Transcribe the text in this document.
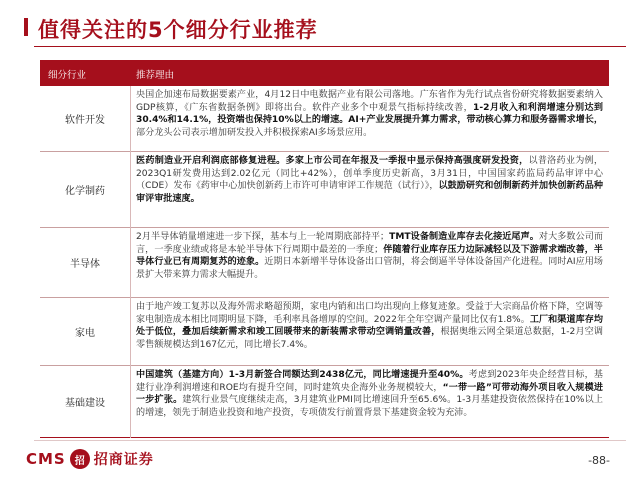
值得关注的5个细分行业推荐
细分行业	推荐理由
软件开发
央国企加速布局数据要素产业，4月12日中电数据产业有限公司落地。广东省作为先行试点省份研究将数据要素纳入GDP核算，《广东省数据条例》即将出台。软件产业多个中观景气指标持续改善，1-2月收入和利润增速分别达到30.4%和14.1%，投资端也保持10%以上的增速。AI+产业发展提升算力需求，带动核心算力和服务器需求增长，部分龙头公司表示增加研发投入并积极探索AI多场景应用。
化学制药
医药制造业开启利润底部修复进程。多家上市公司在年报及一季报中显示保持高强度研发投资，以普洛药业为例，2023Q1研发费用达到2.02亿元（同比+42%），创单季度历史新高，3月31日，中国国家药监局药品审评中心（CDE）发布《药审中心加快创新药上市许可申请审评工作规范（试行）》，以鼓励研究和创制新药并加快创新药品种审评审批速度。
半导体
2月半导体销量增速进一步下探，基本与上一轮周期底部持平；TMT设备制造业库存去化接近尾声。对大多数公司而言，一季度业绩或将是本轮半导体下行周期中最差的一季度；伴随着行业库存压力边际减轻以及下游需求端改善，半导体行业已有周期复苏的迹象。近期日本新增半导体设备出口管制，将会倒逼半导体设备国产化进程。同时AI应用场景扩大带来算力需求大幅提升。
家电
由于地产竣工复苏以及海外需求略超预期，家电内销和出口均出现向上修复迹象。受益于大宗商品价格下降，空调等家电制造成本相比同期明显下降，毛利率具备增厚的空间。2022年全年空调产量同比仅有1.8%。工厂和渠道库存均处于低位，叠加后续新需求和竣工回暖带来的新装需求带动空调销量改善，根据奥维云网全渠道总数据，1-2月空调零售额规模达到167亿元，同比增长7.4%。
基础建设
中国建筑（基建方向）1-3月新签合同额达到2438亿元，同比增速提升至40%。考虑到2023年央企经营目标，基建行业净利润增速和ROE均有提升空间，同时建筑央企海外业务规模较大，“一带一路”可带动海外项目收入规模进一步扩张。建筑行业景气度继续走高，3月建筑业PMI同比增速回升至65.6%。1-3月基建投资依然保持在10%以上的增速，领先于制造业投资和地产投资，专项债发行前置背景下基建资金较为充沛。
CMS 招 招商证券	-88-
